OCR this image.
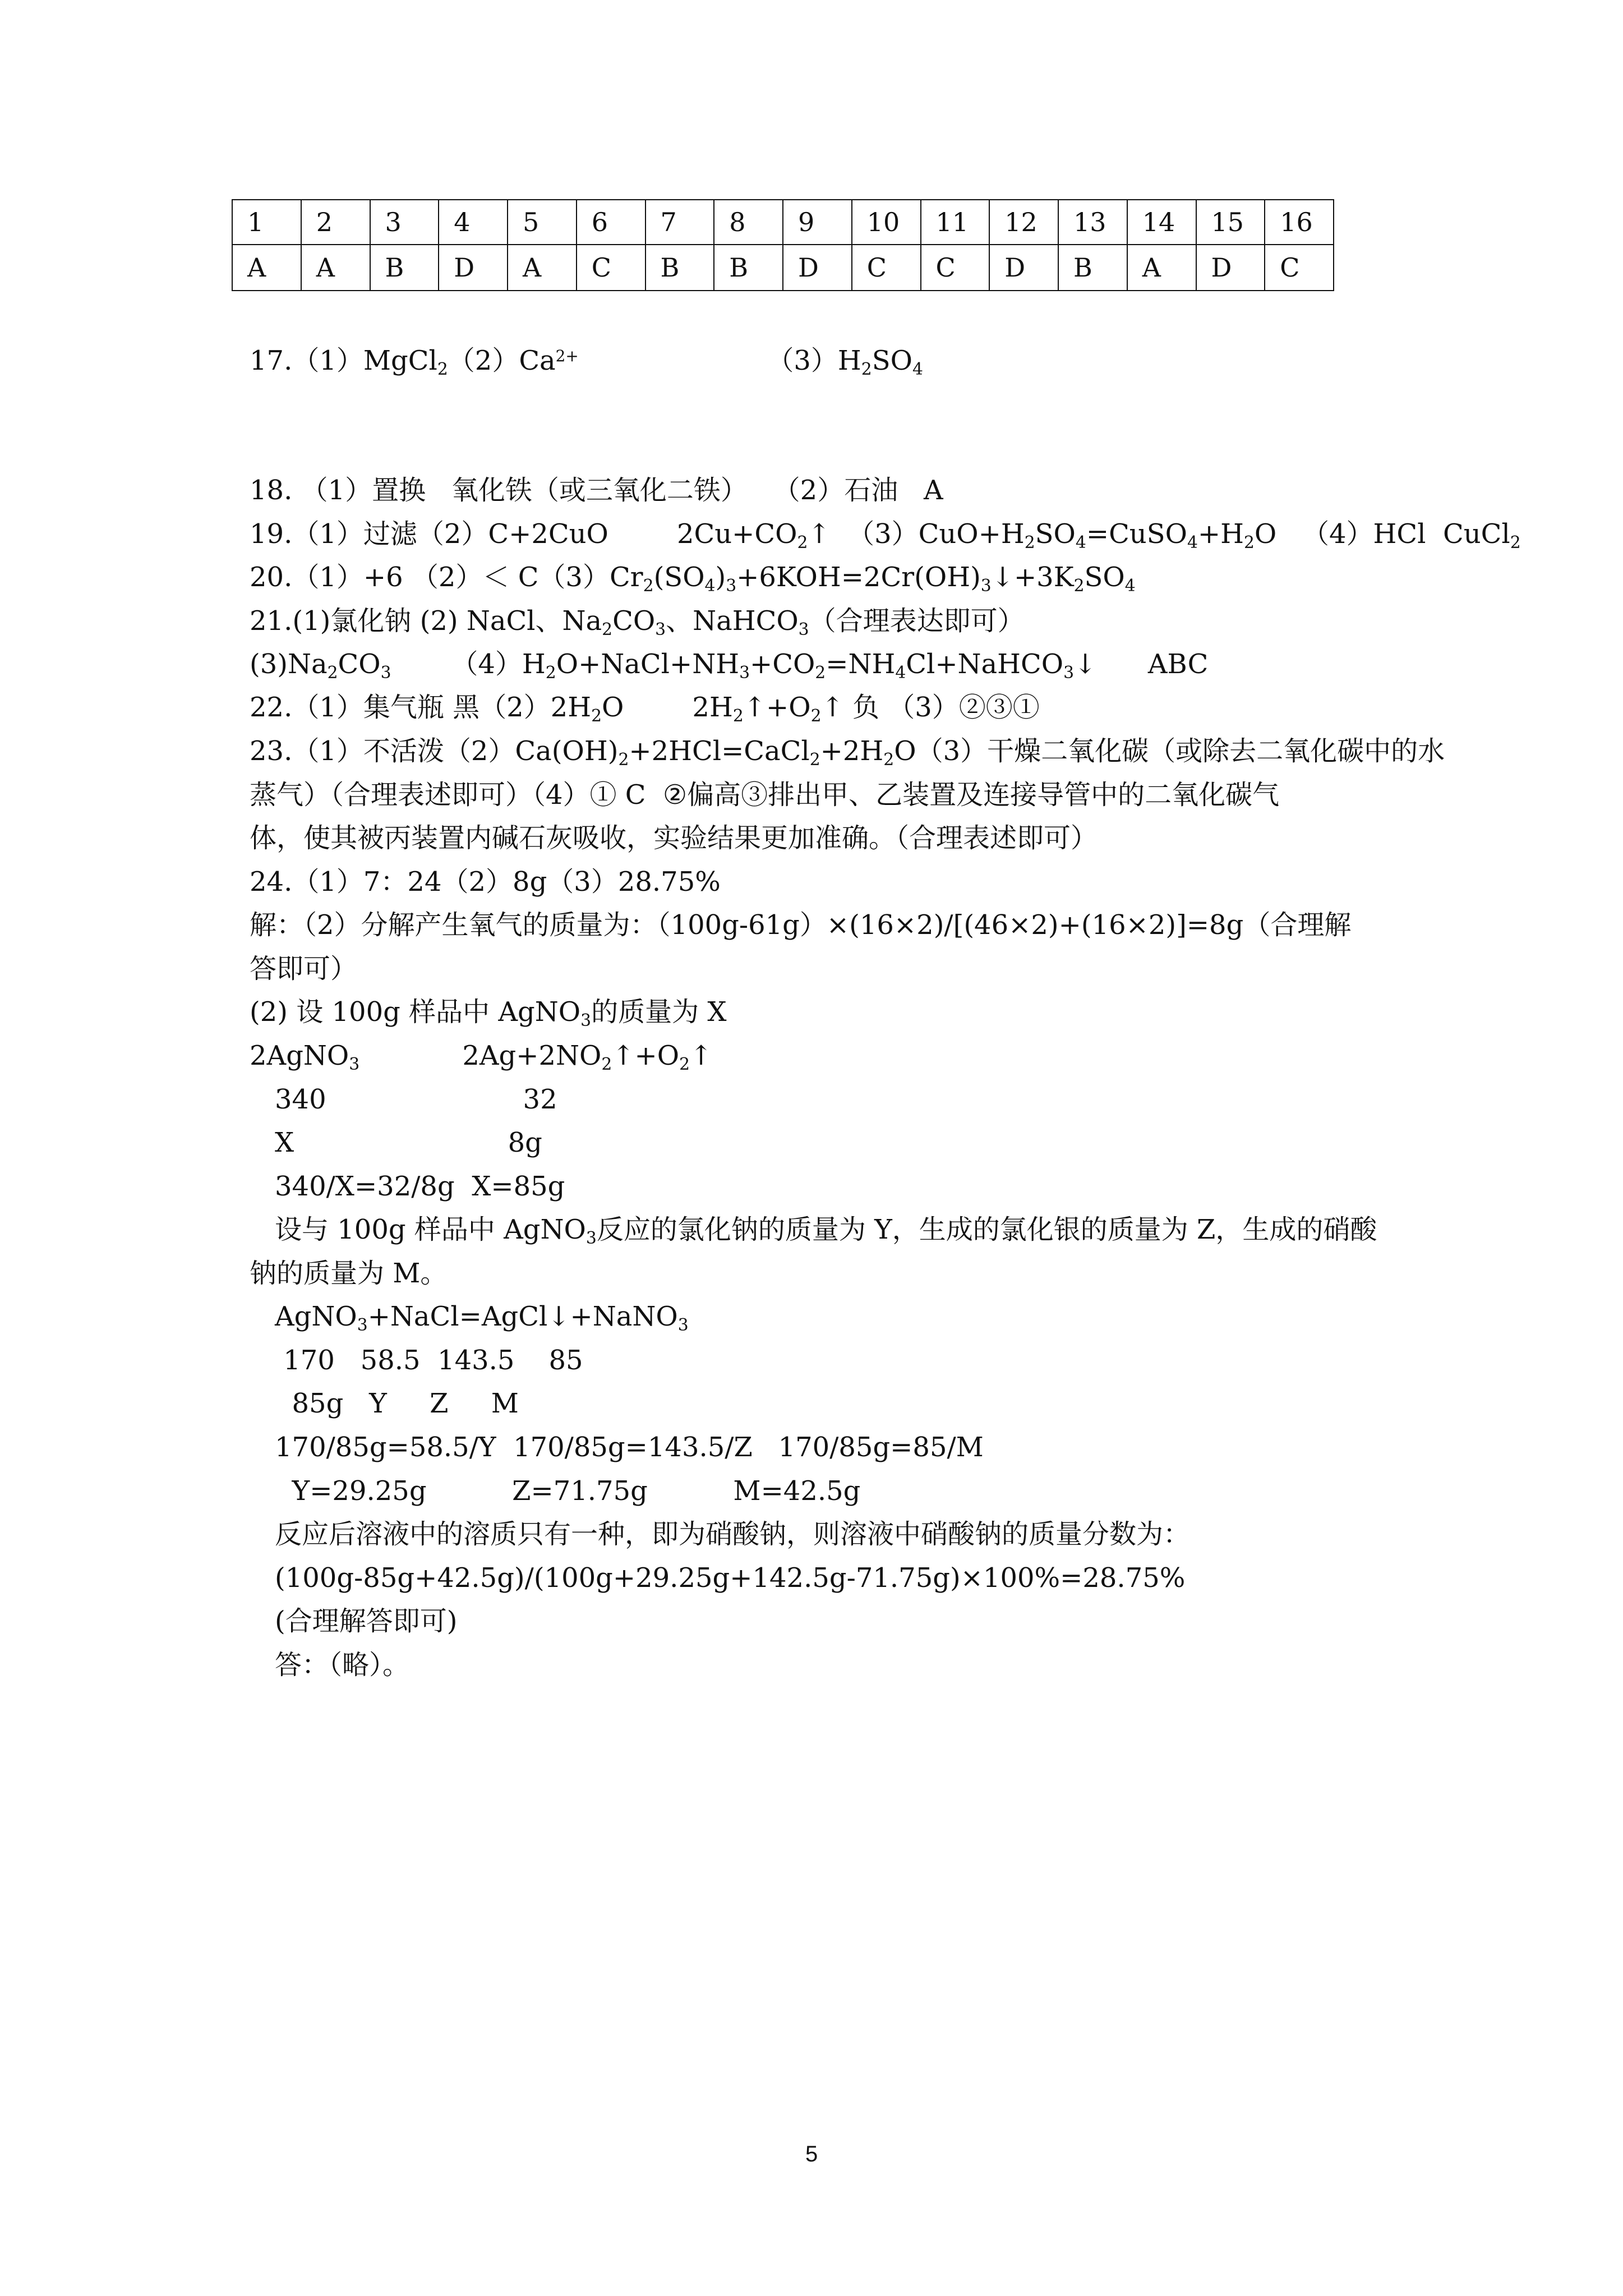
1	2	3	4	5	6	7	8	9	10	11	12	13	14	15	16
A	A	B	D	A	C	B	B	D	C	C	D	B	A	D	C
$17.(1)MgCl2(2)Ca^{2+}$                      （3）H2SO4
18. （1）置换   氧化铁（或三氧化二铁）   （2）石油   A
19.（1）过滤（2）C+2CuO        2Cu+CO2↑  （3）CuO+H2SO4=CuSO4+H2O   （4）HCl  CuCl2
20.（1）+6 （2）＜ C（3）Cr2(SO4)3+6KOH=2Cr(OH)3↓+3K2SO4
21.(1)氯化钠 (2) NaCl、Na2CO3、NaHCO3（合理表达即可）
(3)Na2CO3       （4）H2O+NaCl+NH3+CO2=NH4Cl+NaHCO3↓      ABC
22.（1）集气瓶 黑（2）2H2O        2H2↑+O2↑ 负 （3）②③①
23.（1）不活泼（2）Ca(OH)2+2HCl=CaCl2+2H2O（3）干燥二氧化碳（或除去二氧化碳中的水
蒸气）（合理表述即可）（4）① C  ②偏高③排出甲、乙装置及连接导管中的二氧化碳气
体，使其被丙装置内碱石灰吸收，实验结果更加准确。（合理表述即可）
24.（1）7：24（2）8g（3）28.75%
解：（2）分解产生氧气的质量为：（100g-61g）×(16×2)/[(46×2)+(16×2)]=8g（合理解
答即可）
(2) 设 100g 样品中 AgNO3的质量为 X
2AgNO3            2Ag+2NO2↑+O2↑
340                       32
X                         8g
340/X=32/8g  X=85g
设与 100g 样品中 AgNO3反应的氯化钠的质量为 Y，生成的氯化银的质量为 Z，生成的硝酸
钠的质量为 M。
AgNO3+NaCl=AgCl↓+NaNO3
170   58.5  143.5    85
85g   Y     Z     M
170/85g=58.5/Y  170/85g=143.5/Z   170/85g=85/M
Y=29.25g          Z=71.75g          M=42.5g
反应后溶液中的溶质只有一种，即为硝酸钠，则溶液中硝酸钠的质量分数为：
(100g-85g+42.5g)/(100g+29.25g+142.5g-71.75g)×100%=28.75%
(合理解答即可)
答：（略）。
5
